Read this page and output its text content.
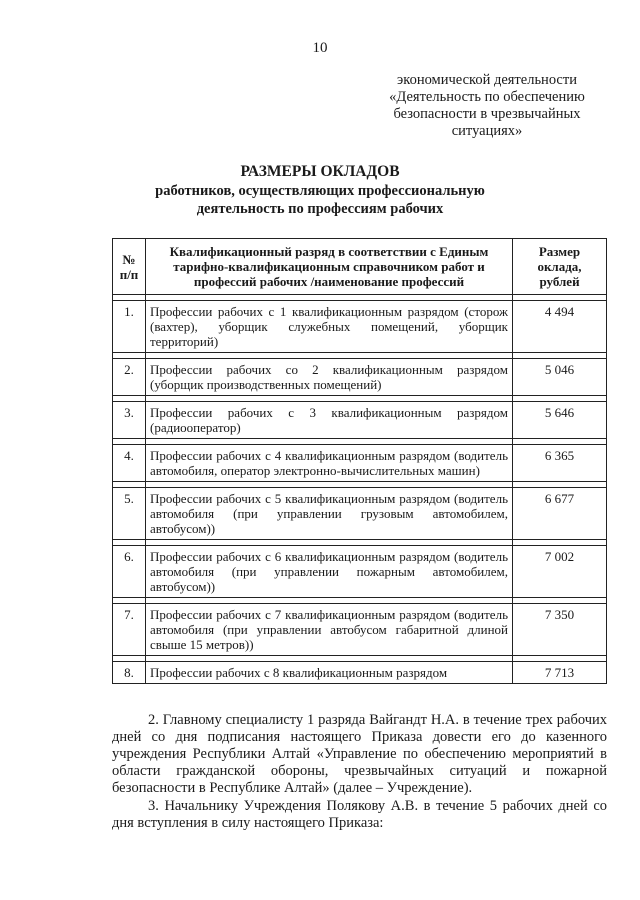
10
экономической деятельности
«Деятельность по обеспечению
безопасности в чрезвычайных
ситуациях»
РАЗМЕРЫ ОКЛАДОВ
работников, осуществляющих профессиональную деятельность по профессиям рабочих
№ п/п	Квалификационный разряд в соответствии с Единым тарифно-квалификационным справочником работ и профессий рабочих /наименование профессий	Размер оклада, рублей

1.	Профессии рабочих с 1 квалификационным разрядом (сторож (вахтер), уборщик служебных помещений, уборщик территорий)	4 494

2.	Профессии рабочих со 2 квалификационным разрядом (уборщик производственных помещений)	5 046

3.	Профессии рабочих с 3 квалификационным разрядом (радиооператор)	5 646

4.	Профессии рабочих с 4 квалификационным разрядом (водитель автомобиля, оператор электронно-вычислительных машин)	6 365

5.	Профессии рабочих с 5 квалификационным разрядом (водитель автомобиля (при управлении грузовым автомобилем, автобусом))	6 677

6.	Профессии рабочих с 6 квалификационным разрядом (водитель автомобиля (при управлении пожарным автомобилем, автобусом))	7 002

7.	Профессии рабочих с 7 квалификационным разрядом (водитель автомобиля (при управлении автобусом габаритной длиной свыше 15 метров))	7 350

8.	Профессии рабочих с 8 квалификационным разрядом	7 713
2. Главному специалисту 1 разряда Вайгандт Н.А. в течение трех рабочих дней со дня подписания настоящего Приказа довести его до казенного учреждения Республики Алтай «Управление по обеспечению мероприятий в области гражданской обороны, чрезвычайных ситуаций и пожарной безопасности в Республике Алтай» (далее – Учреждение).
3. Начальнику Учреждения Полякову А.В. в течение 5 рабочих дней со дня вступления в силу настоящего Приказа:
